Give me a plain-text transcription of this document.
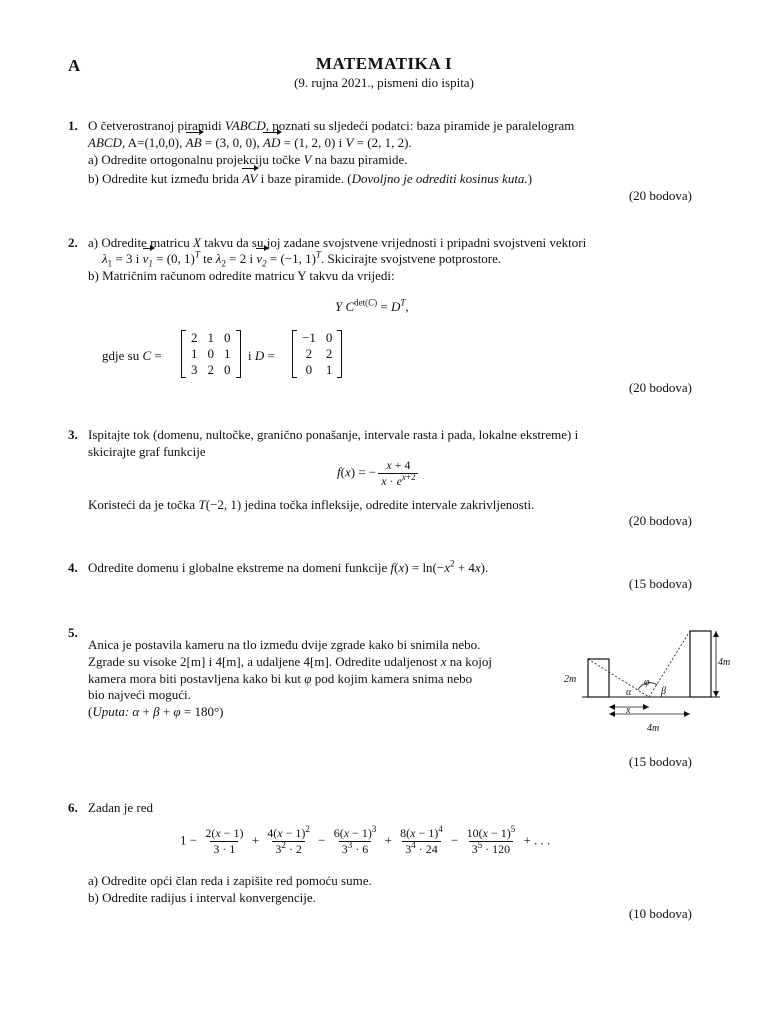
A	MATEMATIKA I
(9. rujna 2021., pismeni dio ispita)
1. O četverostranoj piramidi VABCD, poznati su sljedeći podatci: baza piramide je paralelogram
ABCD, A=(1,0,0), AB = (3, 0, 0), AD = (1, 2, 0) i V = (2, 1, 2).
a) Odredite ortogonalnu projekciju točke V na bazu piramide.
b) Odredite kut između brida AV i baze piramide. (Dovoljno je odrediti kosinus kuta.)
(20 bodova)
2. a) Odredite matricu X takvu da su joj zadane svojstvene vrijednosti i pripadni svojstveni vektori
$\lambda_1 = 3$ i $v_1 = (0$, 1)$^T$ te $\lambda_2 = 2$ i $v_2 = (-1$, 1)$^T$. Skicirajte svojstvene potprostore.
b) Matričnim računom odredite matricu Y takvu da vrijedi:
Y $C^{det(C)} = D^T$,
gdje su C =
2	1	0
1	0	1
3	2	0
i D =
−1	0
2	2
0	1
(20 bodova)
3. Ispitajte tok (domenu, nultočke, granično ponašanje, intervale rasta i pada, lokalne ekstreme) i
skicirajte graf funkcije
f(x) = − $\frac{x + 4}{x \cdot e^{x+2}}$
Koristeći da je točka T(−2, 1) jedina točka infleksije, odredite intervale zakrivljenosti.
(20 bodova)
4. Odredite domenu i globalne ekstreme na domeni funkcije $f(x) = \ln(-x^2 + 4x)$.
(15 bodova)
5.
Anica je postavila kameru na tlo između dvije zgrade kako bi snimila nebo.
Zgrade su visoke 2[m] i 4[m], a udaljene 4[m]. Odredite udaljenost x na kojoj
kamera mora biti postavljena kako bi kut φ pod kojim kamera snima nebo
bio najveći mogući.
(Uputa: α + β + φ = 180°)
2m
4m
φ
α	β
x
4m
(15 bodova)
6. Zadan je red
$1 - \frac{2(x - 1)}{3 \cdot 1} + \frac{4(x - 1)^2}{3^2 \cdot 2} - \frac{6(x - 1)^3}{3^3 \cdot 6} + \frac{8(x - 1)^4}{3^4 \cdot 24} - \frac{10(x - 1)^5}{3^5 \cdot 120}$ + . . .
a) Odredite opći član reda i zapišite red pomoću sume.
b) Odredite radijus i interval konvergencije.
(10 bodova)
